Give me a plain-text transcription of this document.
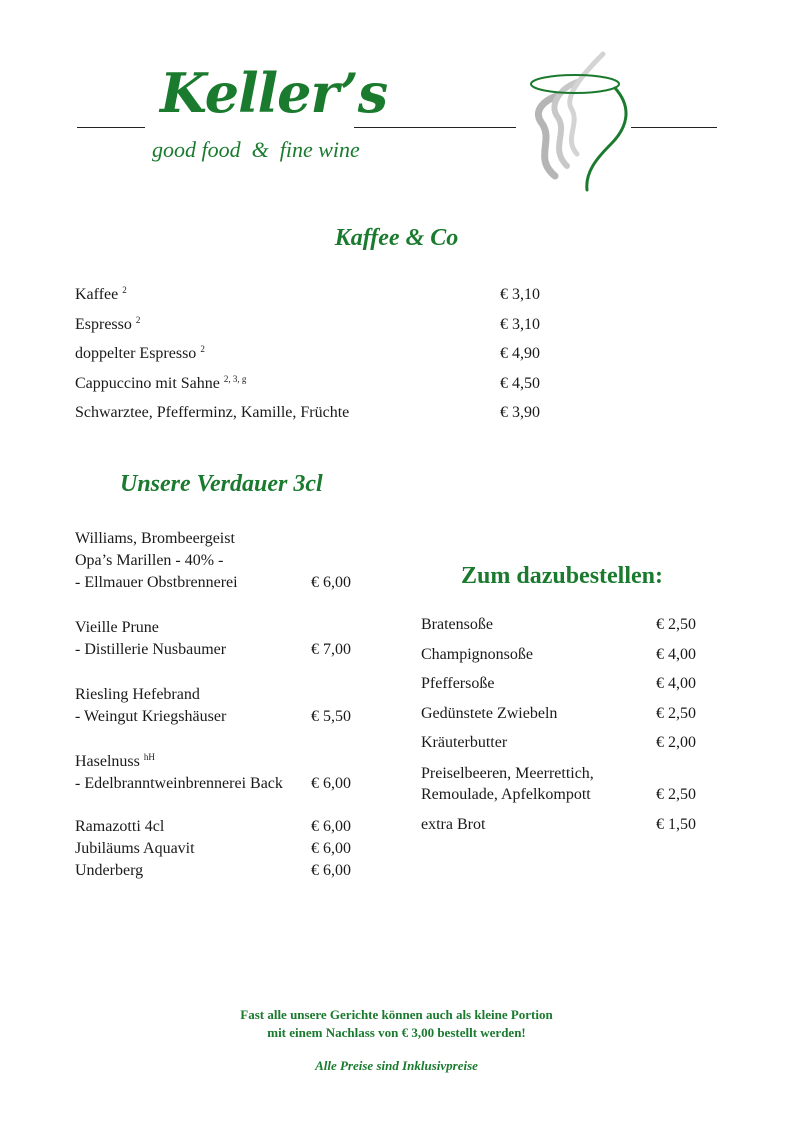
Keller’s
good food  &  fine wine
Kaffee & Co
Kaffee $^2$	€ 3,10
Espresso $^2$	€ 3,10
doppelter Espresso $^2$	€ 4,90
Cappuccino mit Sahne $^{2, 3, g}$	€ 4,50
Schwarztee, Pfefferminz, Kamille, Früchte	€ 3,90
Unsere Verdauer 3cl
Williams, Brombeergeist
Opa’s Marillen - 40% -
- Ellmauer Obstbrennerei	€ 6,00
Vieille Prune
- Distillerie Nusbaumer	€ 7,00
Riesling Hefebrand
- Weingut Kriegshäuser	€ 5,50
Haselnuss $^{hH}$
- Edelbranntweinbrennerei Back € 6,00
Ramazotti 4cl	€ 6,00
Jubiläums Aquavit	€ 6,00
Underberg	€ 6,00
Zum dazubestellen:
Bratensoße	€ 2,50
Champignonsoße	€ 4,00
Pfeffersoße	€ 4,00
Gedünstete Zwiebeln	€ 2,50
Kräuterbutter	€ 2,00
Preiselbeeren, Meerrettich,
Remoulade, Apfelkompott	€ 2,50
extra Brot	€ 1,50
Fast alle unsere Gerichte können auch als kleine Portion
mit einem Nachlass von € 3,00 bestellt werden!
Alle Preise sind Inklusivpreise
